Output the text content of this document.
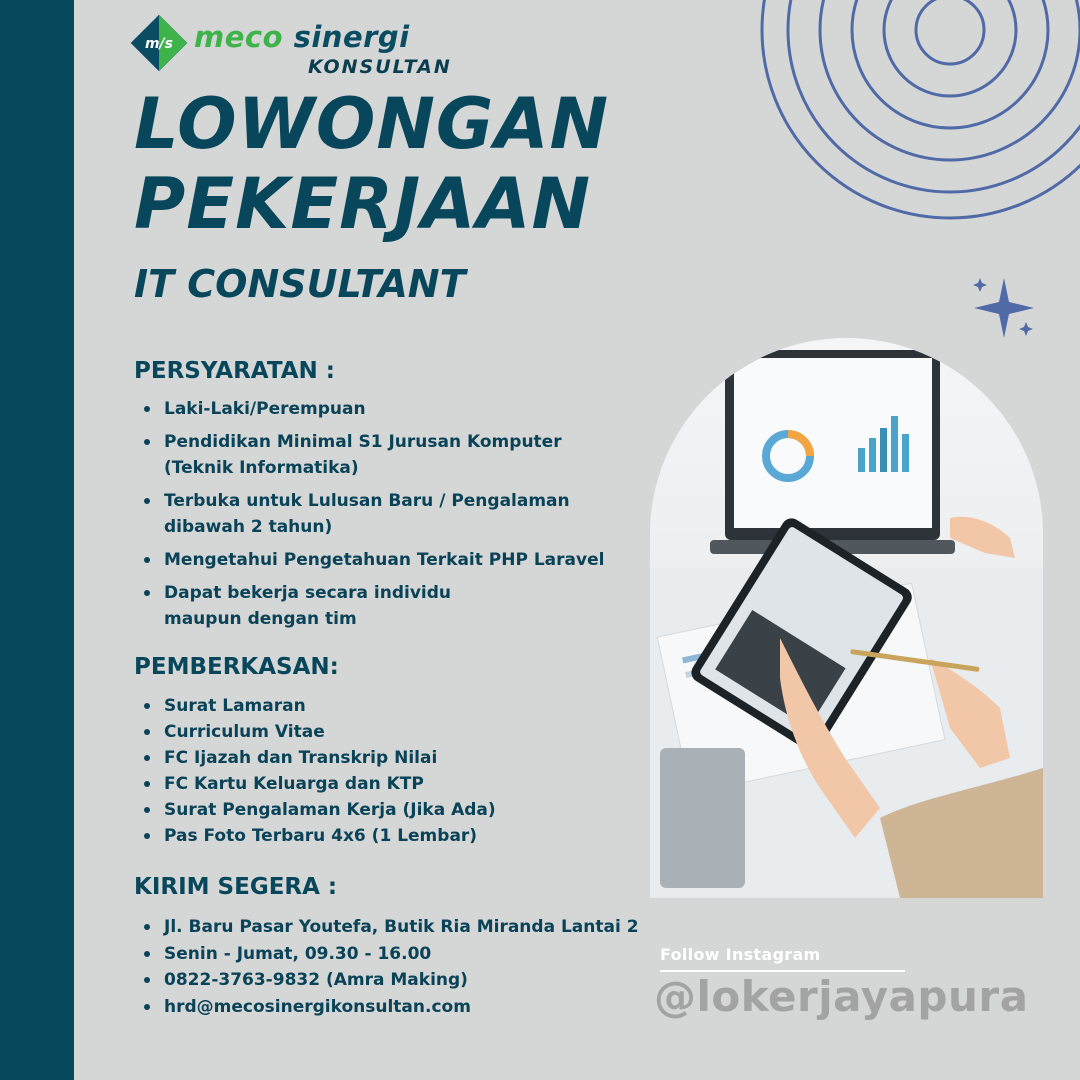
m/s meco sinergi
KONSULTAN
LOWONGAN
PEKERJAAN
IT CONSULTANT
PERSYARATAN :
Laki-Laki/Perempuan
Pendidikan Minimal S1 Jurusan Komputer
(Teknik Informatika)
Terbuka untuk Lulusan Baru / Pengalaman
dibawah 2 tahun)
Mengetahui Pengetahuan Terkait PHP Laravel
Dapat bekerja secara individu
maupun dengan tim
PEMBERKASAN:
Surat Lamaran
Curriculum Vitae
FC Ijazah dan Transkrip Nilai
FC Kartu Keluarga dan KTP
Surat Pengalaman Kerja (Jika Ada)
Pas Foto Terbaru 4x6 (1 Lembar)
KIRIM SEGERA :
Jl. Baru Pasar Youtefa, Butik Ria Miranda Lantai 2
Senin - Jumat, 09.30 - 16.00
0822-3763-9832 (Amra Making)
hrd@mecosinergikonsultan.com
Follow Instagram
@lokerjayapura
